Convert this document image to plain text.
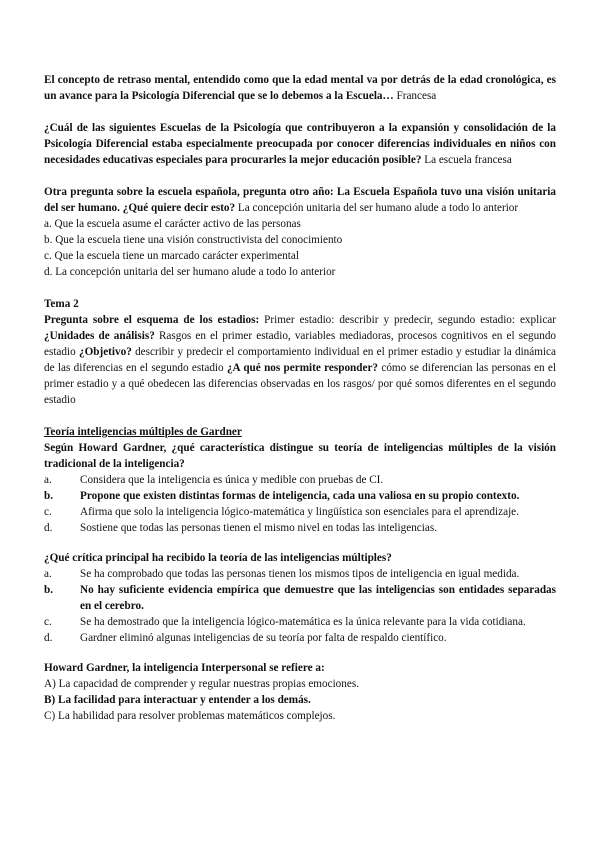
El concepto de retraso mental, entendido como que la edad mental va por detrás de la edad cronológica, es un avance para la Psicología Diferencial que se lo debemos a la Escuela… Francesa

¿Cuál de las siguientes Escuelas de la Psicología que contribuyeron a la expansión y consolidación de la Psicología Diferencial estaba especialmente preocupada por conocer diferencias individuales en niños con necesidades educativas especiales para procurarles la mejor educación posible? La escuela francesa

Otra pregunta sobre la escuela española, pregunta otro año: La Escuela Española tuvo una visión unitaria del ser humano. ¿Qué quiere decir esto? La concepción unitaria del ser humano alude a todo lo anterior

a. Que la escuela asume el carácter activo de las personas

b. Que la escuela tiene una visión constructivista del conocimiento

c. Que la escuela tiene un marcado carácter experimental

d. La concepción unitaria del ser humano alude a todo lo anterior

Tema 2

Pregunta sobre el esquema de los estadios: Primer estadio: describir y predecir, segundo estadio: explicar ¿Unidades de análisis? Rasgos en el primer estadio, variables mediadoras, procesos cognitivos en el segundo estadio ¿Objetivo? describir y predecir el comportamiento individual en el primer estadio y estudiar la dinámica de las diferencias en el segundo estadio ¿A qué nos permite responder? cómo se diferencian las personas en el primer estadio y a qué obedecen las diferencias observadas en los rasgos/ por qué somos diferentes en el segundo estadio

Teoría inteligencias múltiples de Gardner

Según Howard Gardner, ¿qué característica distingue su teoría de inteligencias múltiples de la visión tradicional de la inteligencia?

a.	Considera que la inteligencia es única y medible con pruebas de CI.
b.	Propone que existen distintas formas de inteligencia, cada una valiosa en su propio contexto.
c.	Afirma que solo la inteligencia lógico-matemática y lingüística son esenciales para el aprendizaje.
d.	Sostiene que todas las personas tienen el mismo nivel en todas las inteligencias.

¿Qué crítica principal ha recibido la teoría de las inteligencias múltiples?

a.	Se ha comprobado que todas las personas tienen los mismos tipos de inteligencia en igual medida.
b.	No hay suficiente evidencia empírica que demuestre que las inteligencias son entidades separadas en el cerebro.
c.	Se ha demostrado que la inteligencia lógico-matemática es la única relevante para la vida cotidiana.
d.	Gardner eliminó algunas inteligencias de su teoría por falta de respaldo científico.

Howard Gardner, la inteligencia Interpersonal se refiere a:

A) La capacidad de comprender y regular nuestras propias emociones.

B) La facilidad para interactuar y entender a los demás.

C) La habilidad para resolver problemas matemáticos complejos.
